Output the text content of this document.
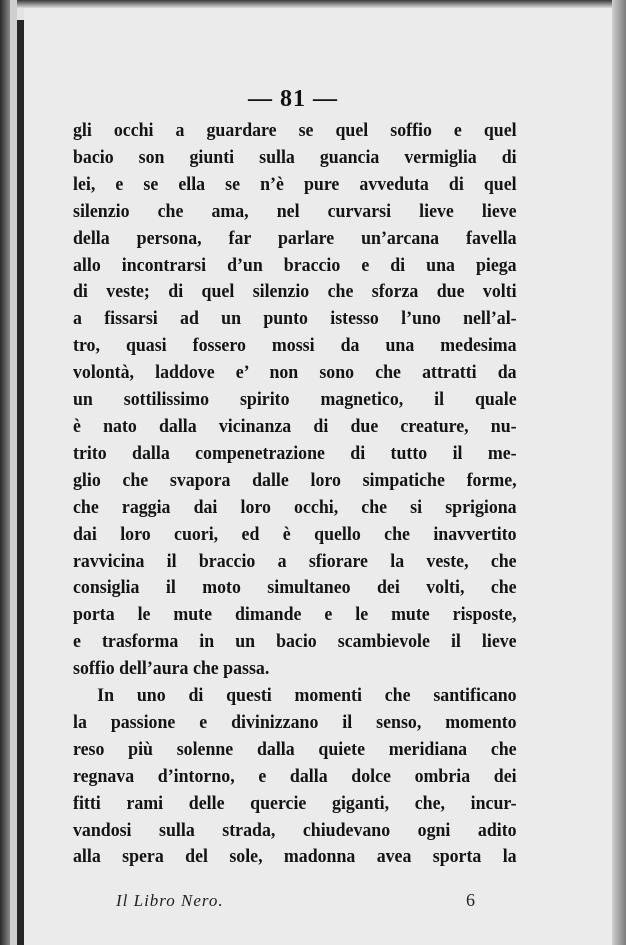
— 81 —
gli occhi a guardare se quel soffio e quel
bacio son giunti sulla guancia vermiglia di
lei, e se ella se n’è pure avveduta di quel
silenzio che ama, nel curvarsi lieve lieve
della persona, far parlare un’arcana favella
allo incontrarsi d’un braccio e di una piega
di veste; di quel silenzio che sforza due volti
a fissarsi ad un punto istesso l’uno nell’al-
tro, quasi fossero mossi da una medesima
volontà, laddove e’ non sono che attratti da
un sottilissimo spirito magnetico, il quale
è nato dalla vicinanza di due creature, nu-
trito dalla compenetrazione di tutto il me-
glio che svapora dalle loro simpatiche forme,
che raggia dai loro occhi, che si sprigiona
dai loro cuori, ed è quello che inavvertito
ravvicina il braccio a sfiorare la veste, che
consiglia il moto simultaneo dei volti, che
porta le mute dimande e le mute risposte,
e trasforma in un bacio scambievole il lieve
soffio dell’aura che passa.
In uno di questi momenti che santificano
la passione e divinizzano il senso, momento
reso più solenne dalla quiete meridiana che
regnava d’intorno, e dalla dolce ombria dei
fitti rami delle quercie giganti, che, incur-
vandosi sulla strada, chiudevano ogni adito
alla spera del sole, madonna avea sporta la
Il Libro Nero.	6
